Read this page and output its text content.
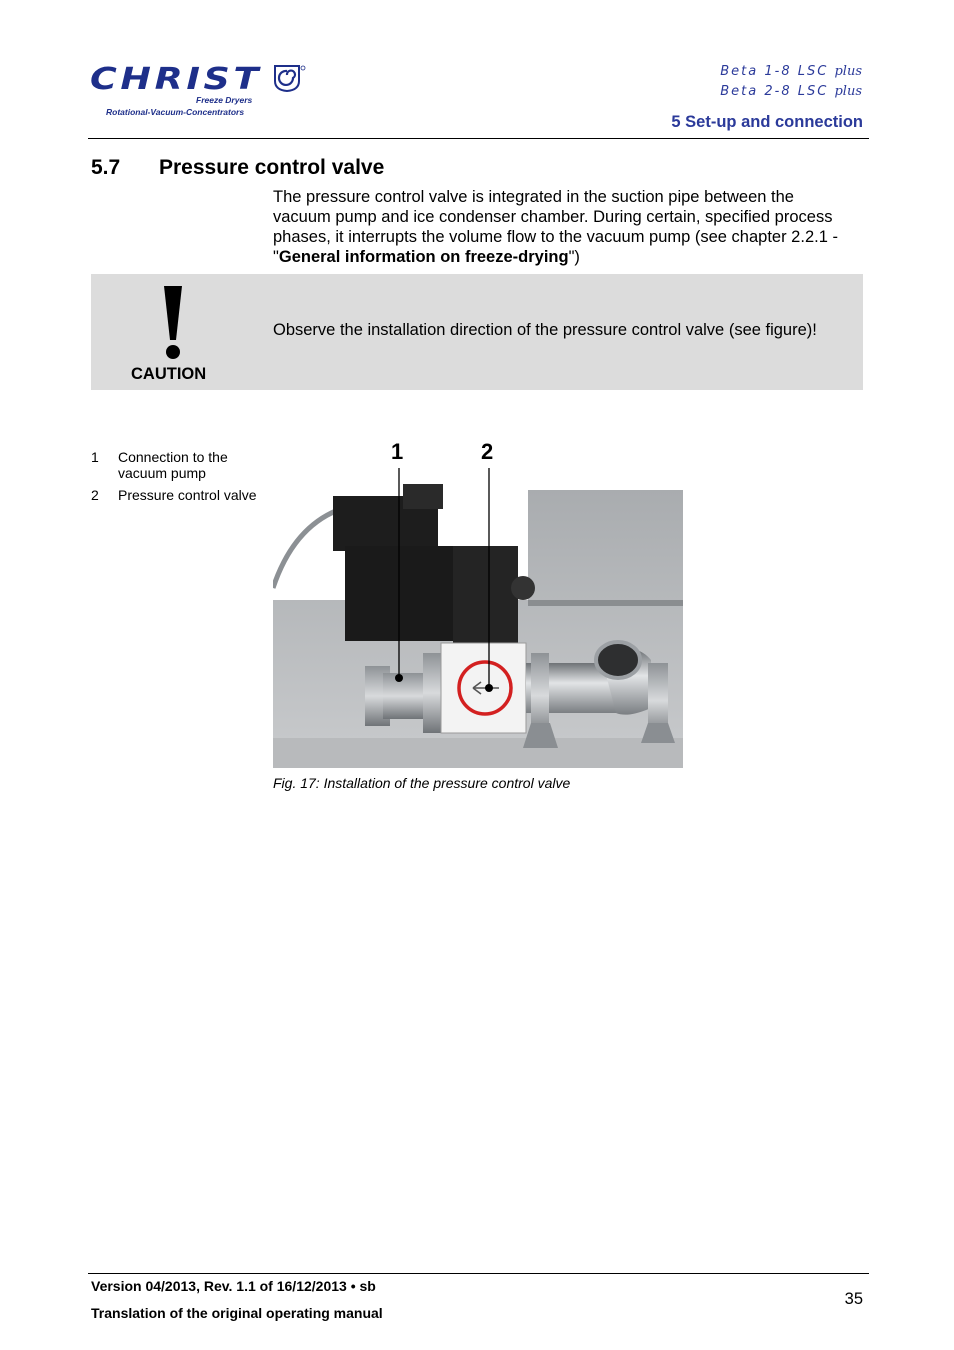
CHRIST
Freeze Dryers
Rotational-Vacuum-Concentrators
Beta 1-8 LSC plus
Beta 2-8 LSC plus
5 Set-up and connection
5.7 Pressure control valve
The pressure control valve is integrated in the suction pipe between the vacuum pump and ice condenser chamber. During certain, specified process phases, it interrupts the volume flow to the vacuum pump (see chapter 2.2.1 - "General information on freeze-drying")
CAUTION
Observe the installation direction of the pressure control valve (see figure)!
1 Connection to the vacuum pump
2 Pressure control valve
1	2
Fig. 17: Installation of the pressure control valve
Version 04/2013, Rev. 1.1 of 16/12/2013 • sb
Translation of the original operating manual
35
